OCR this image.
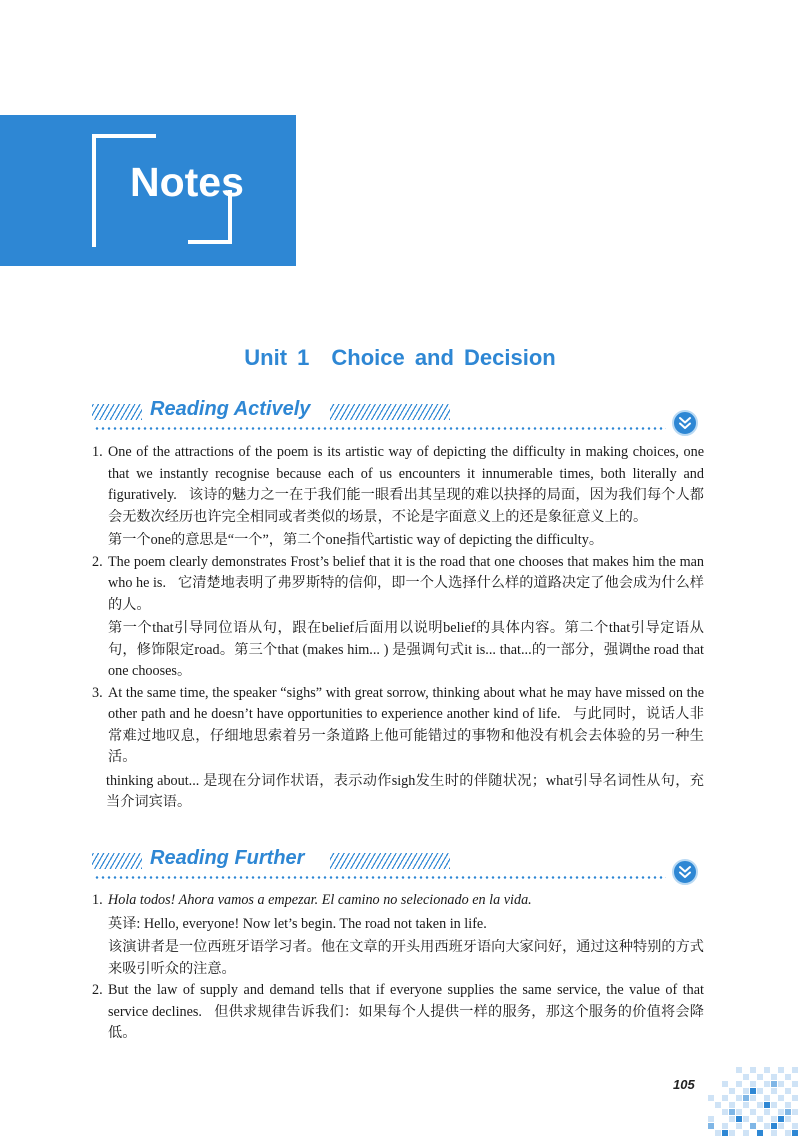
Notes
Unit 1　Choice and Decision
Reading Actively

1. One of the attractions of the poem is its artistic way of depicting the difficulty in making choices, one that we instantly recognise because each of us encounters it innumerable times, both literally and figuratively. 该诗的魅力之一在于我们能一眼看出其呈现的难以抉择的局面，因为我们每个人都会无数次经历也许完全相同或者类似的场景，不论是字面意义上的还是象征意义上的。

第一个one的意思是“一个”，第二个one指代artistic way of depicting the difficulty。

2. The poem clearly demonstrates Frost’s belief that it is the road that one chooses that makes him the man who he is. 它清楚地表明了弗罗斯特的信仰，即一个人选择什么样的道路决定了他会成为什么样的人。

第一个that引导同位语从句，跟在belief后面用以说明belief的具体内容。第二个that引导定语从句，修饰限定road。第三个that (makes him... ) 是强调句式it is... that...的一部分，强调the road that one chooses。

3. At the same time, the speaker “sighs” with great sorrow, thinking about what he may have missed on the other path and he doesn’t have opportunities to experience another kind of life. 与此同时，说话人非常难过地叹息，仔细地思索着另一条道路上他可能错过的事物和他没有机会去体验的另一种生活。

thinking about... 是现在分词作状语，表示动作sigh发生时的伴随状况；what引导名词性从句，充当介词宾语。

Reading Further

1. Hola todos! Ahora vamos a empezar. El camino no selecionado en la vida.

英译: Hello, everyone! Now let’s begin. The road not taken in life.

该演讲者是一位西班牙语学习者。他在文章的开头用西班牙语向大家问好，通过这种特别的方式来吸引听众的注意。

2. But the law of supply and demand tells that if everyone supplies the same service, the value of that service declines. 但供求规律告诉我们：如果每个人提供一样的服务，那这个服务的价值将会降低。

105
